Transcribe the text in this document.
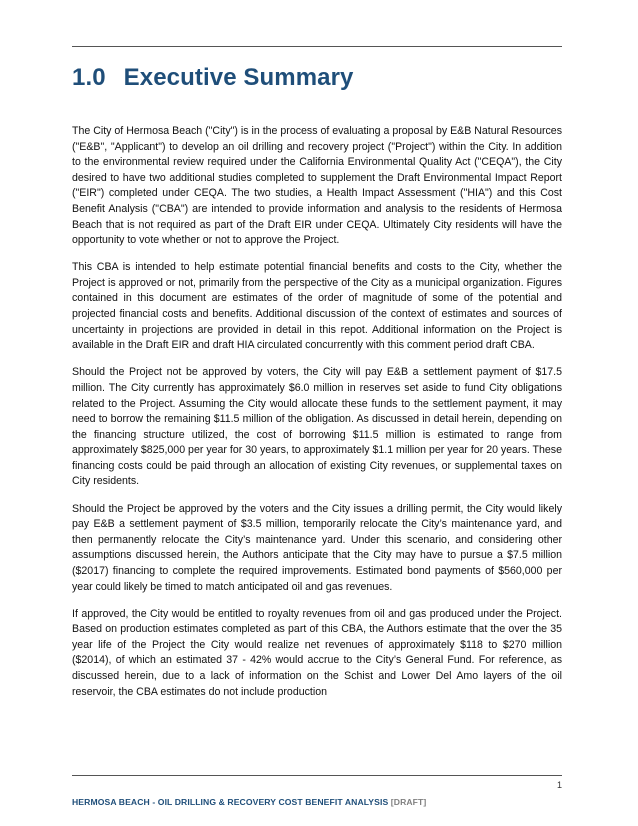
1.0 Executive Summary

The City of Hermosa Beach ("City") is in the process of evaluating a proposal by E&B Natural Resources ("E&B", "Applicant") to develop an oil drilling and recovery project ("Project") within the City. In addition to the environmental review required under the California Environmental Quality Act ("CEQA"), the City desired to have two additional studies completed to supplement the Draft Environmental Impact Report ("EIR") completed under CEQA. The two studies, a Health Impact Assessment ("HIA") and this Cost Benefit Analysis ("CBA") are intended to provide information and analysis to the residents of Hermosa Beach that is not required as part of the Draft EIR under CEQA. Ultimately City residents will have the opportunity to vote whether or not to approve the Project.

This CBA is intended to help estimate potential financial benefits and costs to the City, whether the Project is approved or not, primarily from the perspective of the City as a municipal organization. Figures contained in this document are estimates of the order of magnitude of some of the potential and projected financial costs and benefits. Additional discussion of the context of estimates and sources of uncertainty in projections are provided in detail in this repot. Additional information on the Project is available in the Draft EIR and draft HIA circulated concurrently with this comment period draft CBA.

Should the Project not be approved by voters, the City will pay E&B a settlement payment of $17.5 million. The City currently has approximately $6.0 million in reserves set aside to fund City obligations related to the Project. Assuming the City would allocate these funds to the settlement payment, it may need to borrow the remaining $11.5 million of the obligation. As discussed in detail herein, depending on the financing structure utilized, the cost of borrowing $11.5 million is estimated to range from approximately $825,000 per year for 30 years, to approximately $1.1 million per year for 20 years. These financing costs could be paid through an allocation of existing City revenues, or supplemental taxes on City residents.

Should the Project be approved by the voters and the City issues a drilling permit, the City would likely pay E&B a settlement payment of $3.5 million, temporarily relocate the City’s maintenance yard, and then permanently relocate the City’s maintenance yard. Under this scenario, and considering other assumptions discussed herein, the Authors anticipate that the City may have to pursue a $7.5 million ($2017) financing to complete the required improvements. Estimated bond payments of $560,000 per year could likely be timed to match anticipated oil and gas revenues.

If approved, the City would be entitled to royalty revenues from oil and gas produced under the Project. Based on production estimates completed as part of this CBA, the Authors estimate that the over the 35 year life of the Project the City would realize net revenues of approximately $118 to $270 million ($2014), of which an estimated 37 - 42% would accrue to the City’s General Fund. For reference, as discussed herein, due to a lack of information on the Schist and Lower Del Amo layers of the oil reservoir, the CBA estimates do not include production

1
HERMOSA BEACH - OIL DRILLING & RECOVERY COST BENEFIT ANALYSIS [DRAFT]
